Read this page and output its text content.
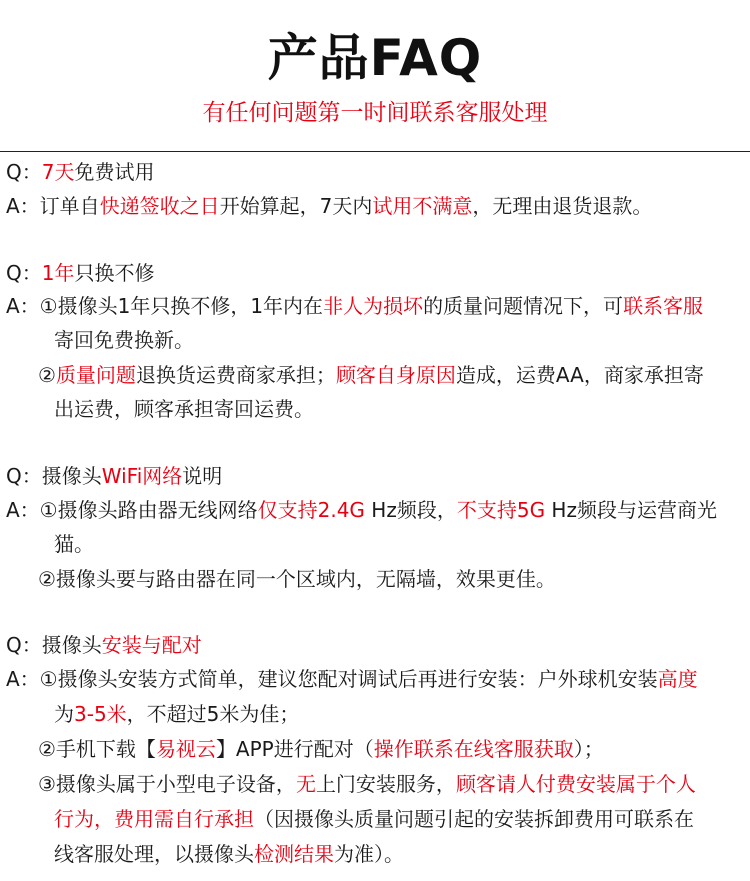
产品FAQ
有任何问题第一时间联系客服处理
Q：7天免费试用
A：订单自快递签收之日开始算起，7天内试用不满意，无理由退货退款。
Q：1年只换不修
A：①摄像头1年只换不修，1年内在非人为损坏的质量问题情况下，可联系客服
寄回免费换新。
②质量问题退换货运费商家承担；顾客自身原因造成，运费AA，商家承担寄
出运费，顾客承担寄回运费。
Q：摄像头WiFi网络说明
A：①摄像头路由器无线网络仅支持2.4G Hz频段，不支持5G Hz频段与运营商光
猫。
②摄像头要与路由器在同一个区域内，无隔墙，效果更佳。
Q：摄像头安装与配对
A：①摄像头安装方式简单，建议您配对调试后再进行安装：户外球机安装高度
为3-5米，不超过5米为佳；
②手机下载【易视云】APP进行配对（操作联系在线客服获取）；
③摄像头属于小型电子设备，无上门安装服务，顾客请人付费安装属于个人
行为，费用需自行承担（因摄像头质量问题引起的安装拆卸费用可联系在
线客服处理，以摄像头检测结果为准）。
